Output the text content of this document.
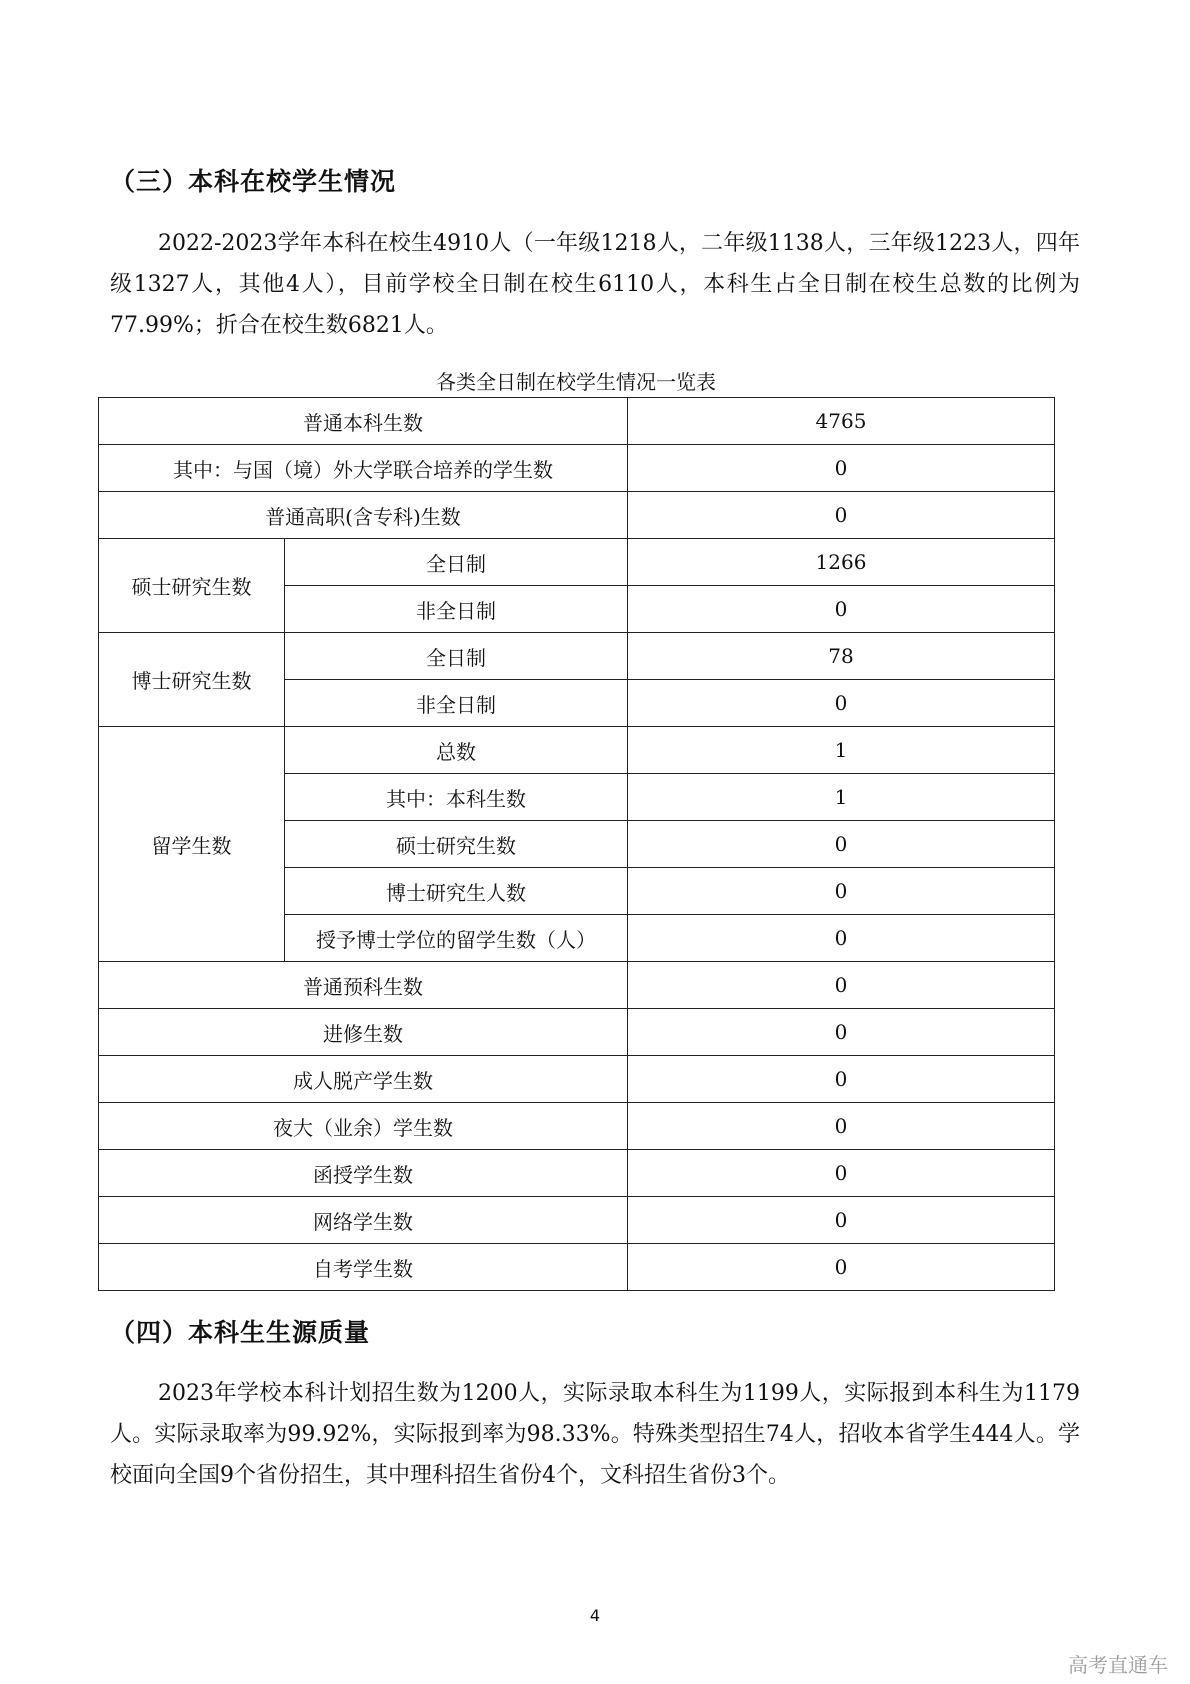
（三）本科在校学生情况
2022-2023学年本科在校生4910人（一年级1218人，二年级1138人，三年级1223人，四年级1327人，其他4人），目前学校全日制在校生6110人，本科生占全日制在校生总数的比例为77.99%；折合在校生数6821人。
各类全日制在校学生情况一览表
普通本科生数		4765
其中：与国（境）外大学联合培养的学生数		0
普通高职(含专科)生数		0
硕士研究生数	全日制	1266
	非全日制	0
博士研究生数	全日制	78
	非全日制	0
留学生数	总数	1
	其中：本科生数	1
	硕士研究生数	0
	博士研究生人数	0
	授予博士学位的留学生数（人）	0
普通预科生数		0
进修生数		0
成人脱产学生数		0
夜大（业余）学生数		0
函授学生数		0
网络学生数		0
自考学生数		0
（四）本科生生源质量
2023年学校本科计划招生数为1200人，实际录取本科生为1199人，实际报到本科生为1179人。实际录取率为99.92%，实际报到率为98.33%。特殊类型招生74人，招收本省学生444人。学校面向全国9个省份招生，其中理科招生省份4个，文科招生省份3个。
4
高考直通车
